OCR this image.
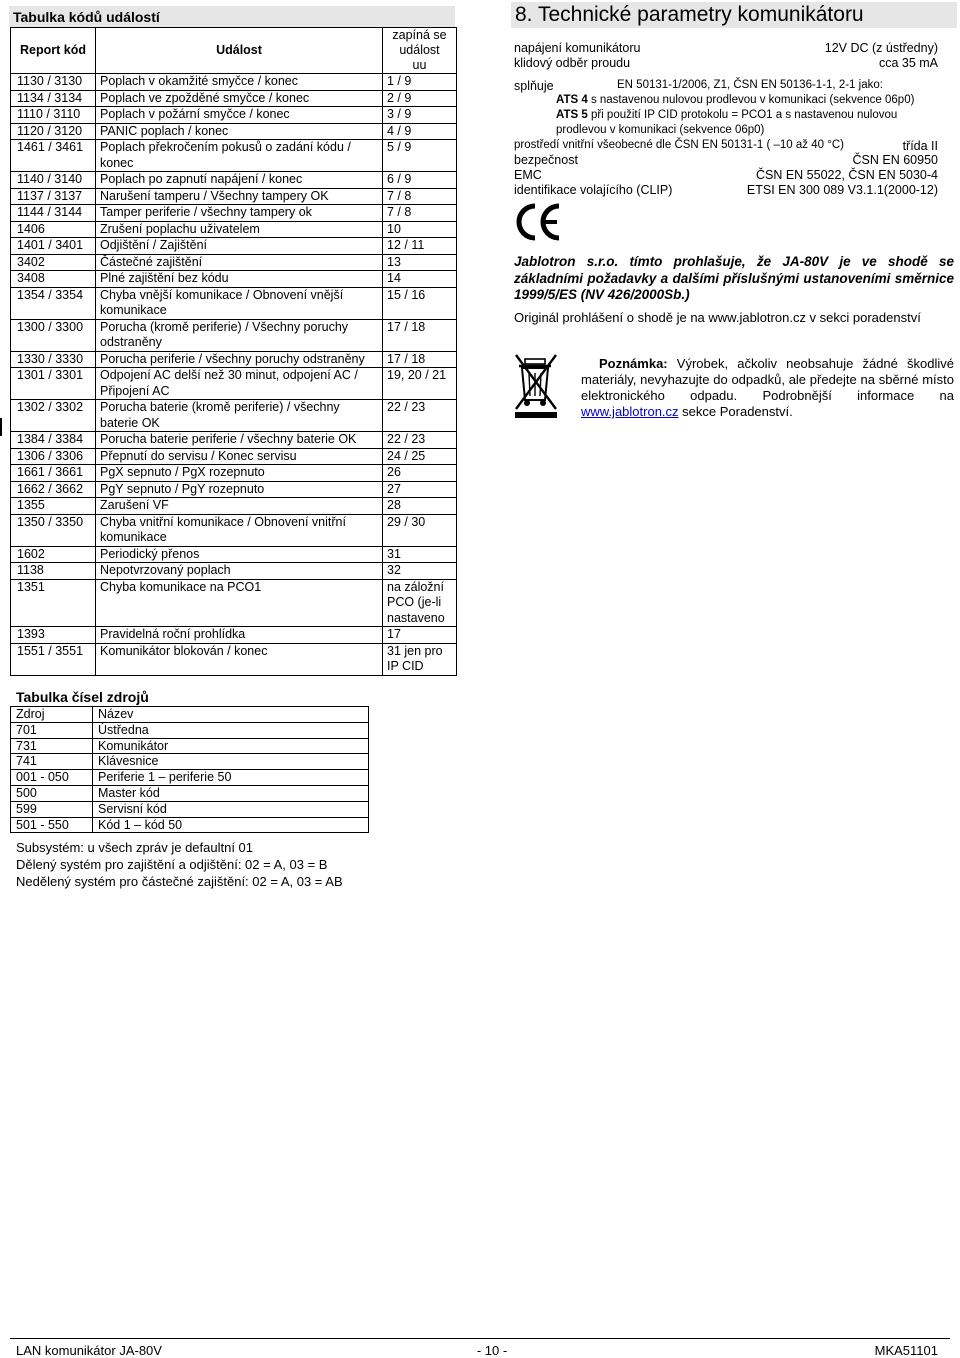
Tabulka kódů událostí
Report kód	Událost	zapíná se
událost
uu
1130 / 3130	Poplach v okamžité smyčce / konec	1 / 9
1134 / 3134	Poplach ve zpožděné smyčce / konec	2 / 9
1110 / 3110	Poplach v požární smyčce / konec	3 / 9
1120 / 3120	PANIC poplach / konec	4 / 9
1461 / 3461	Poplach překročením pokusů o zadání kódu / konec	5 / 9
1140 / 3140	Poplach po zapnutí napájení / konec	6 / 9
1137 / 3137	Narušení tamperu / Všechny tampery OK	7 / 8
1144 / 3144	Tamper periferie / všechny tampery ok	7 / 8
1406	Zrušení poplachu uživatelem	10
1401 / 3401	Odjištění / Zajištění	12 / 11
3402	Částečné zajištění	13
3408	Plné zajištění bez kódu	14
1354 / 3354	Chyba vnější komunikace / Obnovení vnější komunikace	15 / 16
1300 / 3300	Porucha (kromě periferie) / Všechny poruchy odstraněny	17 / 18
1330 / 3330	Porucha periferie / všechny poruchy odstraněny	17 / 18
1301 / 3301	Odpojení AC delší než 30 minut, odpojení AC / Připojení AC	19, 20 / 21
1302 / 3302	Porucha baterie (kromě periferie) / všechny baterie OK	22 / 23
1384 / 3384	Porucha baterie periferie / všechny baterie OK	22 / 23
1306 / 3306	Přepnutí do servisu / Konec servisu	24 / 25
1661 / 3661	PgX sepnuto / PgX rozepnuto	26
1662 / 3662	PgY sepnuto / PgY rozepnuto	27
1355	Zarušení VF	28
1350 / 3350	Chyba vnitřní komunikace / Obnovení vnitřní komunikace	29 / 30
1602	Periodický přenos	31
1138	Nepotvrzovaný poplach	32
1351	Chyba komunikace na PCO1	na záložní PCO (je-li nastaveno
1393	Pravidelná roční prohlídka	17
1551 / 3551	Komunikátor blokován / konec	31 jen pro IP CID
Tabulka čísel zdrojů
Zdroj	Název
701	Ústředna
731	Komunikátor
741	Klávesnice
001 - 050	Periferie 1 – periferie 50
500	Master kód
599	Servisní kód
501 - 550	Kód 1 – kód 50
Subsystém: u všech zpráv je defaultní 01
Dělený systém pro zajištění a odjištění: 02 = A, 03 = B
Nedělený systém pro částečné zajištění: 02 = A, 03 = AB
8. Technické parametry komunikátoru
napájení komunikátoru	12V DC (z ústředny)
klidový odběr proudu	cca 35 mA
splňuje	EN 50131-1/2006, Z1, ČSN EN 50136-1-1, 2-1 jako:
ATS 4 s nastavenou nulovou prodlevou v komunikaci (sekvence 06p0)
ATS 5 při použití IP CID protokolu = PCO1 a s nastavenou nulovou
prodlevou v komunikaci (sekvence 06p0)
prostředí vnitřní všeobecné dle ČSN EN 50131-1 ( –10 až 40 °C)	třída II
bezpečnost	ČSN EN 60950
EMC	ČSN EN 55022, ČSN EN 5030-4
identifikace volajícího (CLIP)	ETSI EN 300 089 V3.1.1(2000-12)
Jablotron s.r.o. tímto prohlašuje, že JA-80V je ve shodě se základními požadavky a dalšími příslušnými ustanoveními směrnice 1999/5/ES (NV 426/2000Sb.)
Originál prohlášení o shodě je na www.jablotron.cz v sekci poradenství
Poznámka: Výrobek, ačkoliv neobsahuje žádné škodlivé materiály, nevyhazujte do odpadků, ale předejte na sběrné místo elektronického odpadu. Podrobnější informace na www.jablotron.cz sekce Poradenství.
LAN komunikátor JA-80V	- 10 -	MKA51101
